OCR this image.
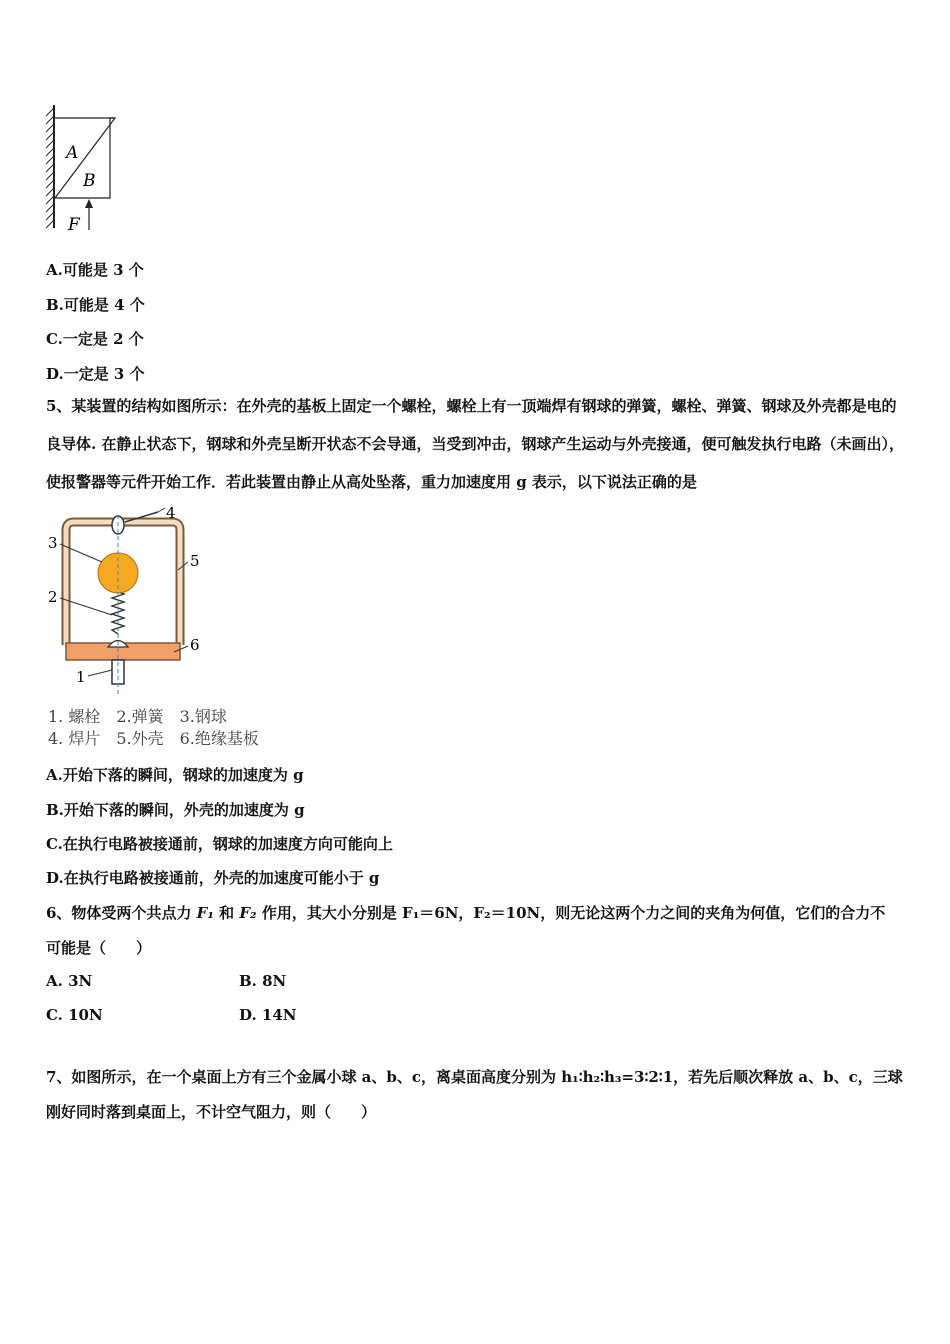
A
B
F
A.可能是 3 个
B.可能是 4 个
C.一定是 2 个
D.一定是 3 个
5、某装置的结构如图所示：在外壳的基板上固定一个螺栓，螺栓上有一顶端焊有钢球的弹簧，螺栓、弹簧、钢球及外壳都是电的良导体. 在静止状态下，钢球和外壳呈断开状态不会导通，当受到冲击，钢球产生运动与外壳接通，便可触发执行电路（未画出），使报警器等元件开始工作．若此装置由静止从高处坠落，重力加速度用 g 表示，以下说法正确的是
4
3
5
2
6
1
1. 螺栓　2.弹簧　3.钢球
4. 焊片　5.外壳　6.绝缘基板
A.开始下落的瞬间，钢球的加速度为 g
B.开始下落的瞬间，外壳的加速度为 g
C.在执行电路被接通前，钢球的加速度方向可能向上
D.在执行电路被接通前，外壳的加速度可能小于 g
6、物体受两个共点力 F₁ 和 F₂ 作用，其大小分别是 F₁＝6N，F₂＝10N，则无论这两个力之间的夹角为何值，它们的合力不
可能是（　　）
A. 3N	B. 8N
C. 10N	D. 14N
7、如图所示，在一个桌面上方有三个金属小球 a、b、c，离桌面高度分别为 h₁∶h₂∶h₃=3∶2∶1，若先后顺次释放 a、b、c，三球
刚好同时落到桌面上，不计空气阻力，则（　　）
